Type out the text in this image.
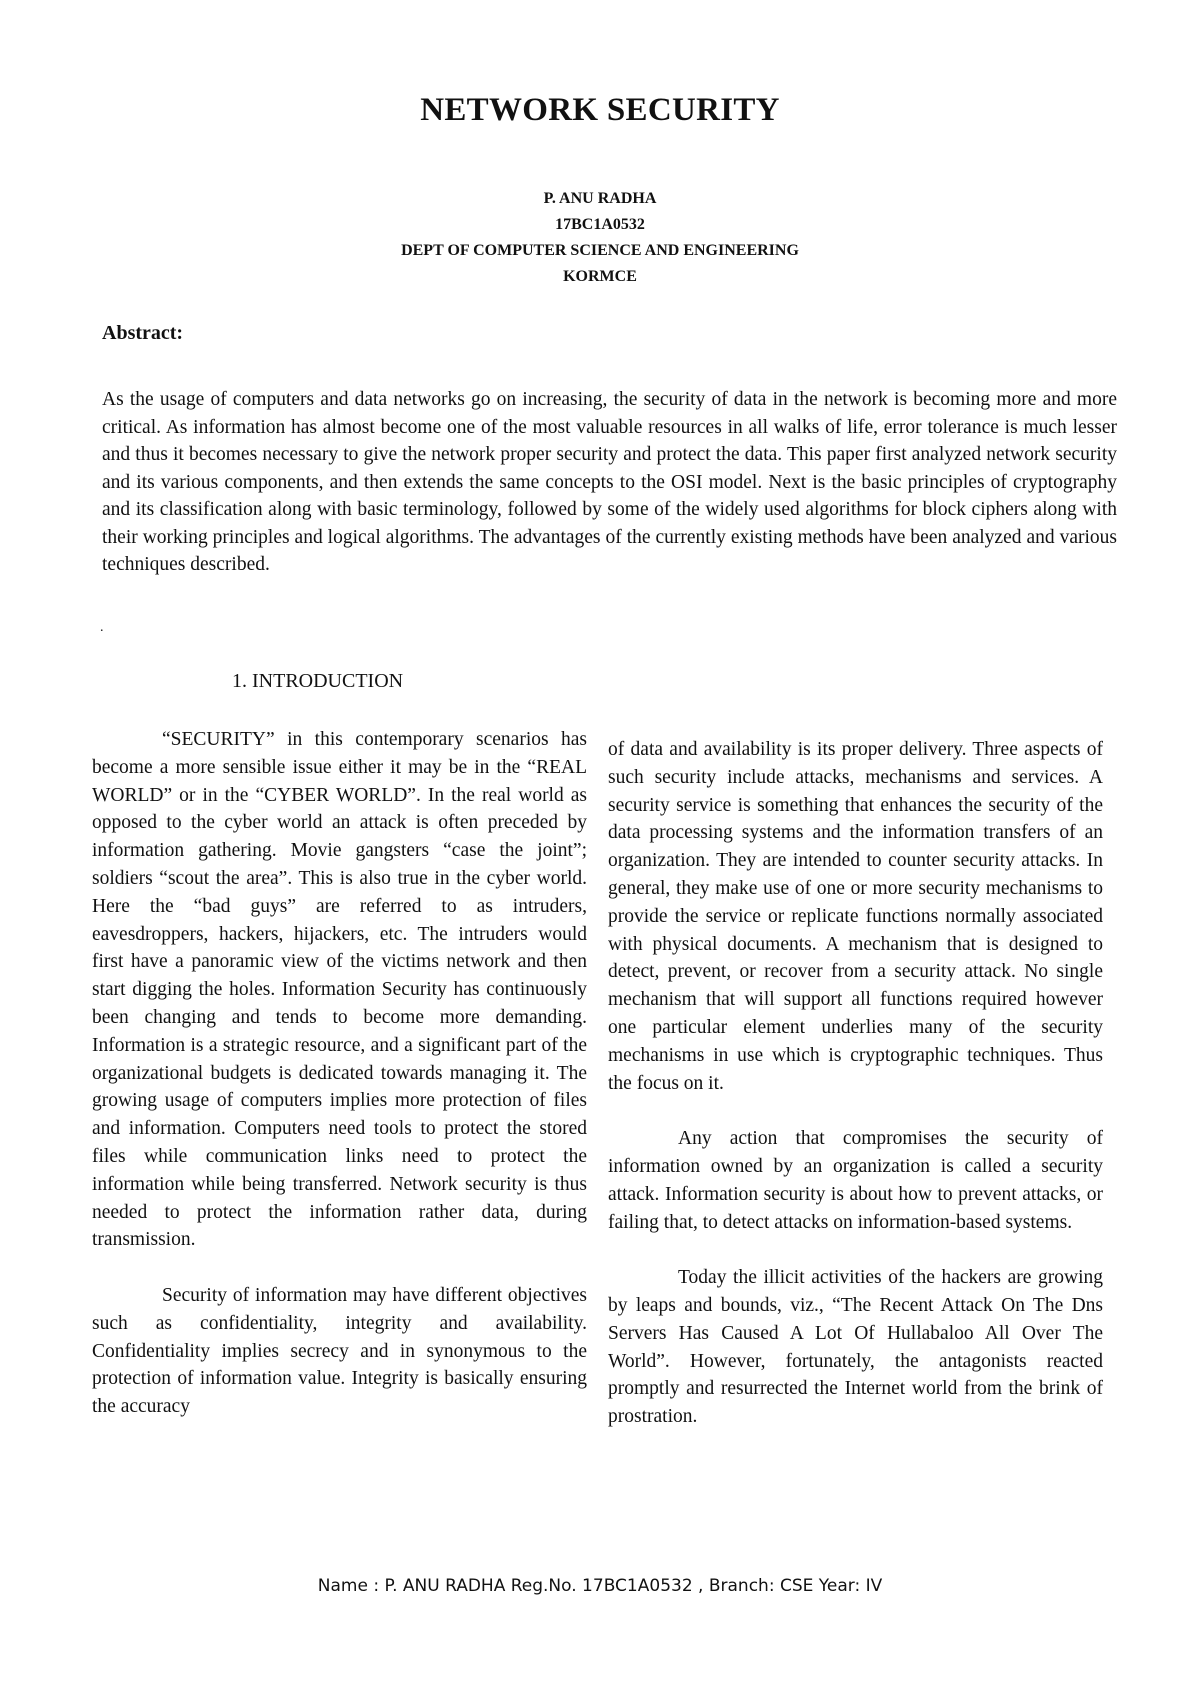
NETWORK SECURITY
P. ANU RADHA
17BC1A0532
DEPT OF COMPUTER SCIENCE AND ENGINEERING
KORMCE
Abstract:

As the usage of computers and data networks go on increasing, the security of data in the network is becoming more and more critical. As information has almost become one of the most valuable resources in all walks of life, error tolerance is much lesser and thus it becomes necessary to give the network proper security and protect the data. This paper first analyzed network security and its various components, and then extends the same concepts to the OSI model. Next is the basic principles of cryptography and its classification along with basic terminology, followed by some of the widely used algorithms for block ciphers along with their working principles and logical algorithms. The advantages of the currently existing methods have been analyzed and various techniques described.

.
1. INTRODUCTION

“SECURITY” in this contemporary scenarios has become a more sensible issue either it may be in the “REAL WORLD” or in the “CYBER WORLD”. In the real world as opposed to the cyber world an attack is often preceded by information gathering. Movie gangsters “case the joint”; soldiers “scout the area”. This is also true in the cyber world. Here the “bad guys” are referred to as intruders, eavesdroppers, hackers, hijackers, etc. The intruders would first have a panoramic view of the victims network and then start digging the holes. Information Security has continuously been changing and tends to become more demanding. Information is a strategic resource, and a significant part of the organizational budgets is dedicated towards managing it. The growing usage of computers implies more protection of files and information. Computers need tools to protect the stored files while communication links need to protect the information while being transferred. Network security is thus needed to protect the information rather data, during transmission.

Security of information may have different objectives such as confidentiality, integrity and availability. Confidentiality implies secrecy and in synonymous to the protection of information value. Integrity is basically ensuring the accuracy

of data and availability is its proper delivery. Three aspects of such security include attacks, mechanisms and services. A security service is something that enhances the security of the data processing systems and the information transfers of an organization. They are intended to counter security attacks. In general, they make use of one or more security mechanisms to provide the service or replicate functions normally associated with physical documents. A mechanism that is designed to detect, prevent, or recover from a security attack. No single mechanism that will support all functions required however one particular element underlies many of the security mechanisms in use which is cryptographic techniques. Thus the focus on it.

Any action that compromises the security of information owned by an organization is called a security attack. Information security is about how to prevent attacks, or failing that, to detect attacks on information-based systems.

Today the illicit activities of the hackers are growing by leaps and bounds, viz., “The Recent Attack On The Dns Servers Has Caused A Lot Of Hullabaloo All Over The World”. However, fortunately, the antagonists reacted promptly and resurrected the Internet world from the brink of prostration.

Name : P. ANU RADHA Reg.No. 17BC1A0532 , Branch: CSE Year: IV
